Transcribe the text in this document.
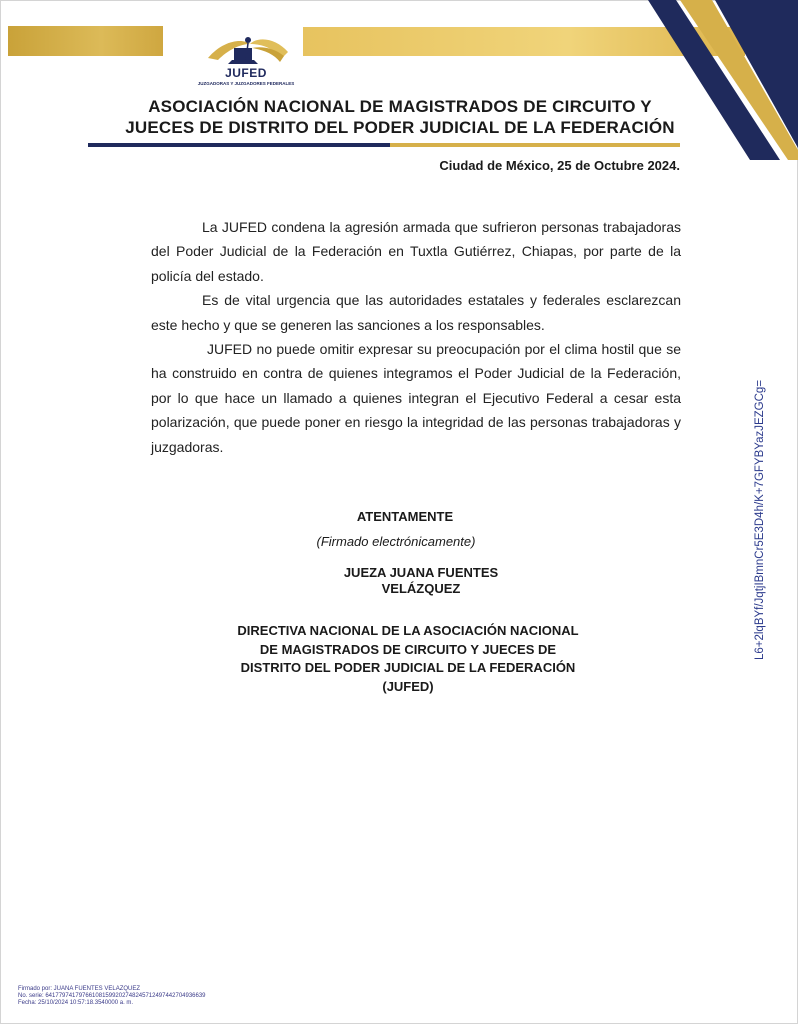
JUFED
JUZGADORAS Y JUZGADORES FEDERALES
ASOCIACIÓN NACIONAL DE MAGISTRADOS DE CIRCUITO Y
JUECES DE DISTRITO DEL PODER JUDICIAL DE LA FEDERACIÓN
Ciudad de México, 25 de Octubre 2024.

La JUFED condena la agresión armada que sufrieron personas trabajadoras del Poder Judicial de la Federación en Tuxtla Gutiérrez, Chiapas, por parte de la policía del estado.

Es de vital urgencia que las autoridades estatales y federales esclarezcan este hecho y que se generen las sanciones a los responsables.

JUFED no puede omitir expresar su preocupación por el clima hostil que se ha construido en contra de quienes integramos el Poder Judicial de la Federación, por lo que hace un llamado a quienes integran el Ejecutivo Federal a cesar esta polarización, que puede poner en riesgo la integridad de las personas trabajadoras y juzgadoras.

ATENTAMENTE
(Firmado electrónicamente)
JUEZA JUANA FUENTES
VELÁZQUEZ
DIRECTIVA NACIONAL DE LA ASOCIACIÓN NACIONAL
DE MAGISTRADOS DE CIRCUITO Y JUECES DE
DISTRITO DEL PODER JUDICIAL DE LA FEDERACIÓN
(JUFED)
L6+2lqBYf/JqtjIBmnCr5E3D4h/K+7GFYBYazJEZGCg=
Firmado por: JUANA FUENTES VELAZQUEZ
No. serie: 6417797417976610815992027482457124974427049366​39
Fecha: 25/10/2024 10:57:18.3540000 a. m.
